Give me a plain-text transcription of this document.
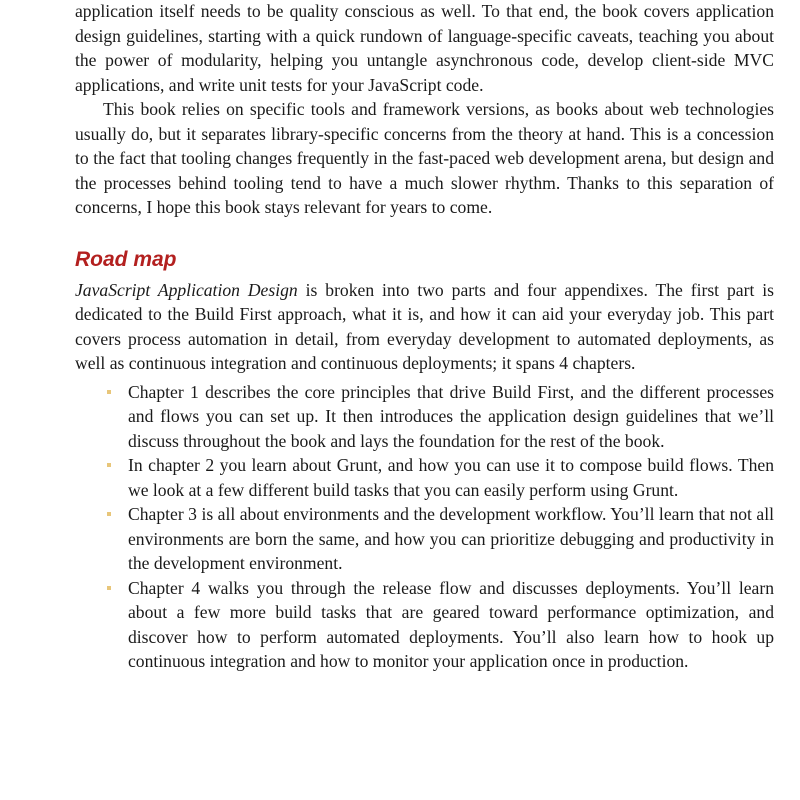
application itself needs to be quality conscious as well. To that end, the book covers application design guidelines, starting with a quick rundown of language-specific caveats, teaching you about the power of modularity, helping you untangle asynchronous code, develop client-side MVC applications, and write unit tests for your JavaScript code.

This book relies on specific tools and framework versions, as books about web technologies usually do, but it separates library-specific concerns from the theory at hand. This is a concession to the fact that tooling changes frequently in the fast-paced web development arena, but design and the processes behind tooling tend to have a much slower rhythm. Thanks to this separation of concerns, I hope this book stays relevant for years to come.

Road map

JavaScript Application Design is broken into two parts and four appendixes. The first part is dedicated to the Build First approach, what it is, and how it can aid your everyday job. This part covers process automation in detail, from everyday development to automated deployments, as well as continuous integration and continuous deployments; it spans 4 chapters.

Chapter 1 describes the core principles that drive Build First, and the different processes and flows you can set up. It then introduces the application design guidelines that we’ll discuss throughout the book and lays the foundation for the rest of the book.
In chapter 2 you learn about Grunt, and how you can use it to compose build flows. Then we look at a few different build tasks that you can easily perform using Grunt.
Chapter 3 is all about environments and the development workflow. You’ll learn that not all environments are born the same, and how you can prioritize debugging and productivity in the development environment.
Chapter 4 walks you through the release flow and discusses deployments. You’ll learn about a few more build tasks that are geared toward performance optimization, and discover how to perform automated deployments. You’ll also learn how to hook up continuous integration and how to monitor your application once in production.
